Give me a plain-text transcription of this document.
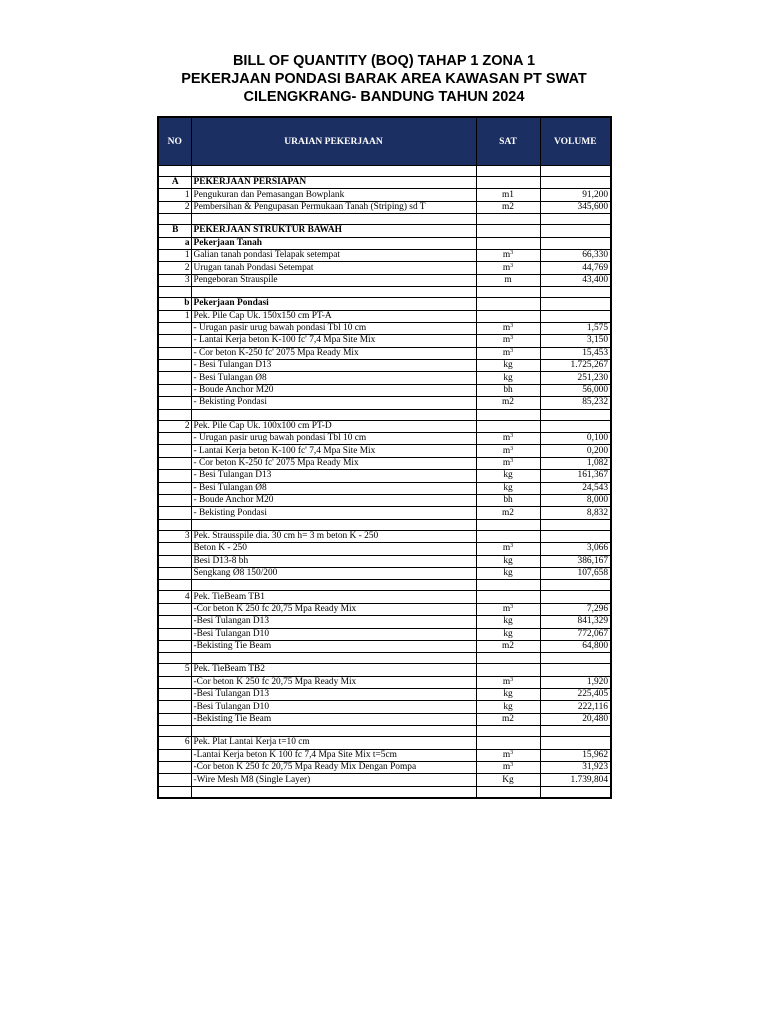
BILL OF QUANTITY (BOQ) TAHAP 1 ZONA 1
PEKERJAAN PONDASI BARAK AREA KAWASAN PT SWAT
CILENGKRANG- BANDUNG TAHUN 2024
NO	URAIAN PEKERJAAN	SAT	VOLUME

A	PEKERJAAN PERSIAPAN		
1	Pengukuran dan Pemasangan Bowplank	m1	91,200
2	Pembersihan & Pengupasan Permukaan Tanah (Striping) sd T	m2	345,600

B	PEKERJAAN STRUKTUR BAWAH		
a	Pekerjaan Tanah		
1	Galian tanah pondasi Telapak setempat	$m^3$	66,330
2	Urugan tanah Pondasi Setempat	$m^3$	44,769
3	Pengeboran Strauspile	m	43,400

b	Pekerjaan Pondasi		
1	Pek. Pile Cap Uk. 150x150 cm PT-A		
	- Urugan pasir urug bawah pondasi Tbl 10 cm	$m^3$	1,575
	- Lantai Kerja beton K-100 fc' 7,4 Mpa Site Mix	$m^3$	3,150
	- Cor beton K-250 fc' 2075 Mpa Ready Mix	$m^3$	15,453
	- Besi Tulangan D13	kg	1.725,267
	- Besi Tulangan Ø8	kg	251,230
	- Boude Anchor M20	bh	56,000
	- Bekisting Pondasi	m2	85,232

2	Pek. Pile Cap Uk. 100x100 cm PT-D		
	- Urugan pasir urug bawah pondasi Tbl 10 cm	$m^3$	0,100
	- Lantai Kerja beton K-100 fc' 7,4 Mpa Site Mix	$m^3$	0,200
	- Cor beton K-250 fc' 2075 Mpa Ready Mix	$m^3$	1,082
	- Besi Tulangan D13	kg	161,367
	- Besi Tulangan Ø8	kg	24,543
	- Boude Anchor M20	bh	8,000
	- Bekisting Pondasi	m2	8,832

3	Pek. Strausspile dia. 30 cm h= 3 m beton K - 250		
	Beton K - 250	$m^3$	3,066
	Besi D13-8 bh	kg	386,167
	Sengkang Ø8 150/200	kg	107,658

4	Pek. TieBeam TB1		
	-Cor beton K 250 fc 20,75 Mpa Ready Mix	$m^3$	7,296
	-Besi Tulangan D13	kg	841,329
	-Besi Tulangan D10	kg	772,067
	-Bekisting Tie Beam	m2	64,800

5	Pek. TieBeam TB2		
	-Cor beton K 250 fc 20,75 Mpa Ready Mix	$m^3$	1,920
	-Besi Tulangan D13	kg	225,405
	-Besi Tulangan D10	kg	222,116
	-Bekisting Tie Beam	m2	20,480

6	Pek. Plat Lantai Kerja t=10 cm		
	-Lantai Kerja beton K 100 fc 7,4 Mpa Site Mix t=5cm	$m^3$	15,962
	-Cor beton K 250 fc 20,75 Mpa Ready Mix Dengan Pompa	$m^3$	31,923
	-Wire Mesh M8 (Single Layer)	Kg	1.739,804
